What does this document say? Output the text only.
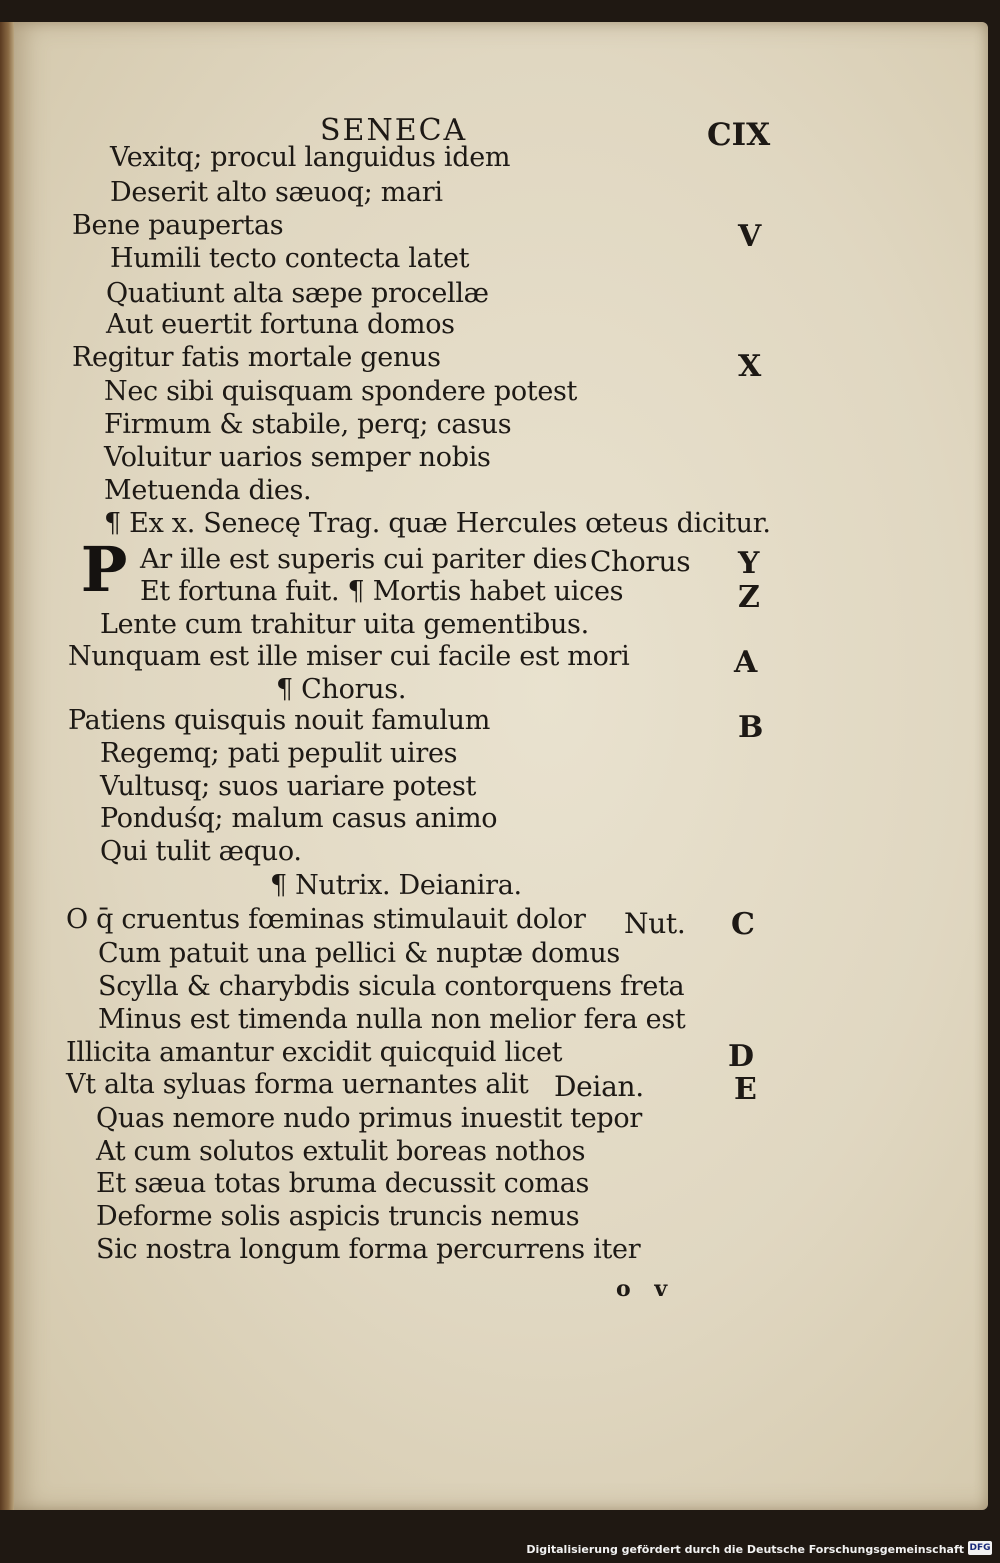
SENECA	CIX

Vexitq; procul languidus idem

Deserit alto sæuoq; mari

Bene paupertas

Humili tecto contecta latet

Quatiunt alta sæpe procellæ

Aut euertit fortuna domos

Regitur fatis mortale genus

Nec sibi quisquam spondere potest

Firmum & stabile, perq; casus

Voluitur uarios semper nobis

Metuenda dies.

¶ Ex x. Senecę Trag. quæ Hercules œteus dicitur.

P Ar ille est superis cui pariter dies

Et fortuna fuit. ¶ Mortis habet uices

Lente cum trahitur uita gementibus.

Nunquam est ille miser cui facile est mori

¶ Chorus.

Patiens quisquis nouit famulum

Regemq; pati pepulit uires

Vultusq; suos uariare potest

Ponduśq; malum casus animo

Qui tulit æquo.

¶ Nutrix. Deianira.

O q̄ cruentus fœminas stimulauit dolor

Cum patuit una pellici & nuptæ domus

Scylla & charybdis sicula contorquens freta

Minus est timenda nulla non melior fera est

Illicita amantur excidit quicquid licet

Vt alta syluas forma uernantes alit

Quas nemore nudo primus inuestit tepor

At cum solutos extulit boreas nothos

Et sæua totas bruma decussit comas

Deforme solis aspicis truncis nemus

Sic nostra longum forma percurrens iter

Chorus

Nut.

Deian.

V

X

Y

Z

A

B

C

D

E

o v

Digitalisierung gefördert durch die Deutsche Forschungsgemeinschaft DFG
